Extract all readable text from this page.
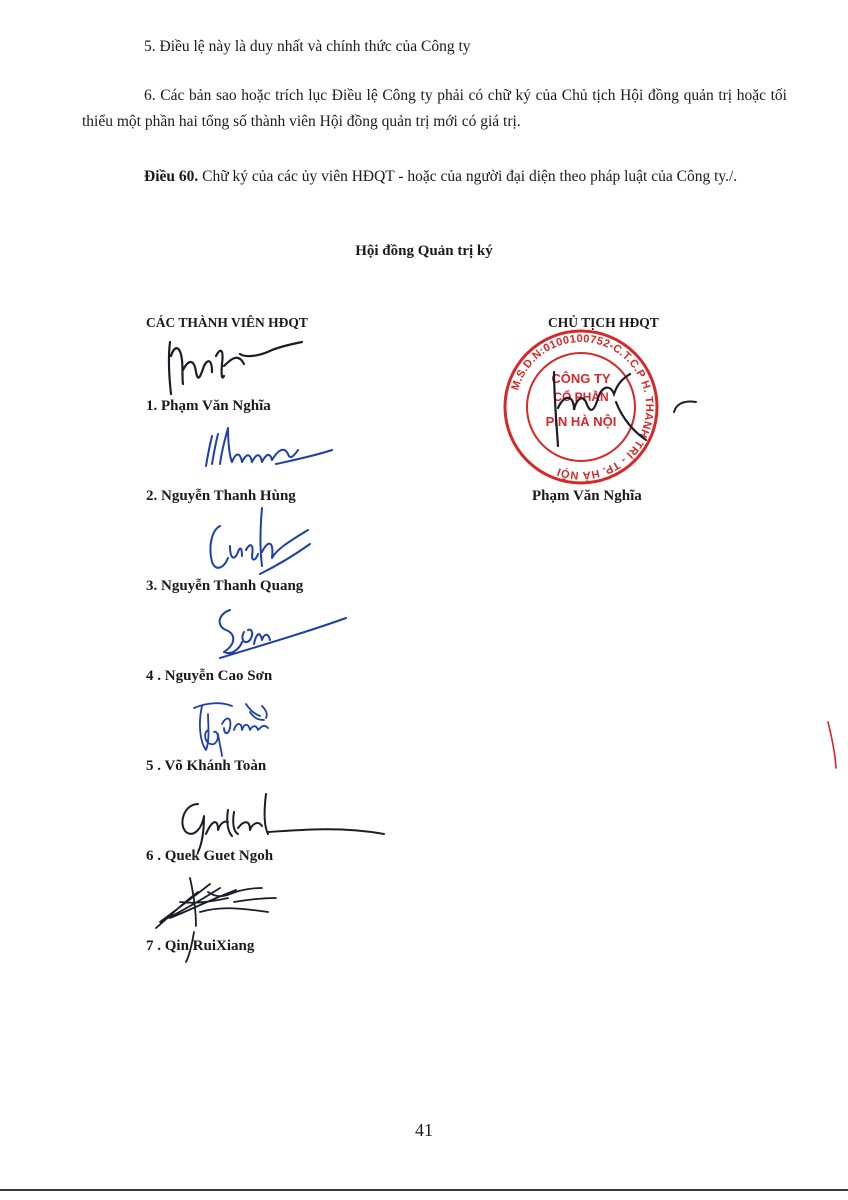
5. Điều lệ này là duy nhất và chính thức của Công ty
6. Các bản sao hoặc trích lục Điều lệ Công ty phải có chữ ký của Chủ tịch Hội đồng quản trị hoặc tối thiểu một phần hai tổng số thành viên Hội đồng quản trị mới có giá trị.
Điều 60. Chữ ký của các ủy viên HĐQT - hoặc của người đại diện theo pháp luật của Công ty./.
Hội đồng Quản trị ký
CÁC THÀNH VIÊN HĐQT	CHỦ TỊCH HĐQT
1. Phạm Văn Nghĩa
2. Nguyễn Thanh Hùng
3. Nguyễn Thanh Quang
4 . Nguyễn Cao Sơn
5 . Võ Khánh Toàn
6 . Quek Guet Ngoh
7 . Qin RuiXiang
M.S.D.N:0100100752-C.T.C.P H. THANH TRÌ - TP. HÀ NỘI
CÔNG TY
CỔ PHẦN
PIN HÀ NỘI
Phạm Văn Nghĩa
41
